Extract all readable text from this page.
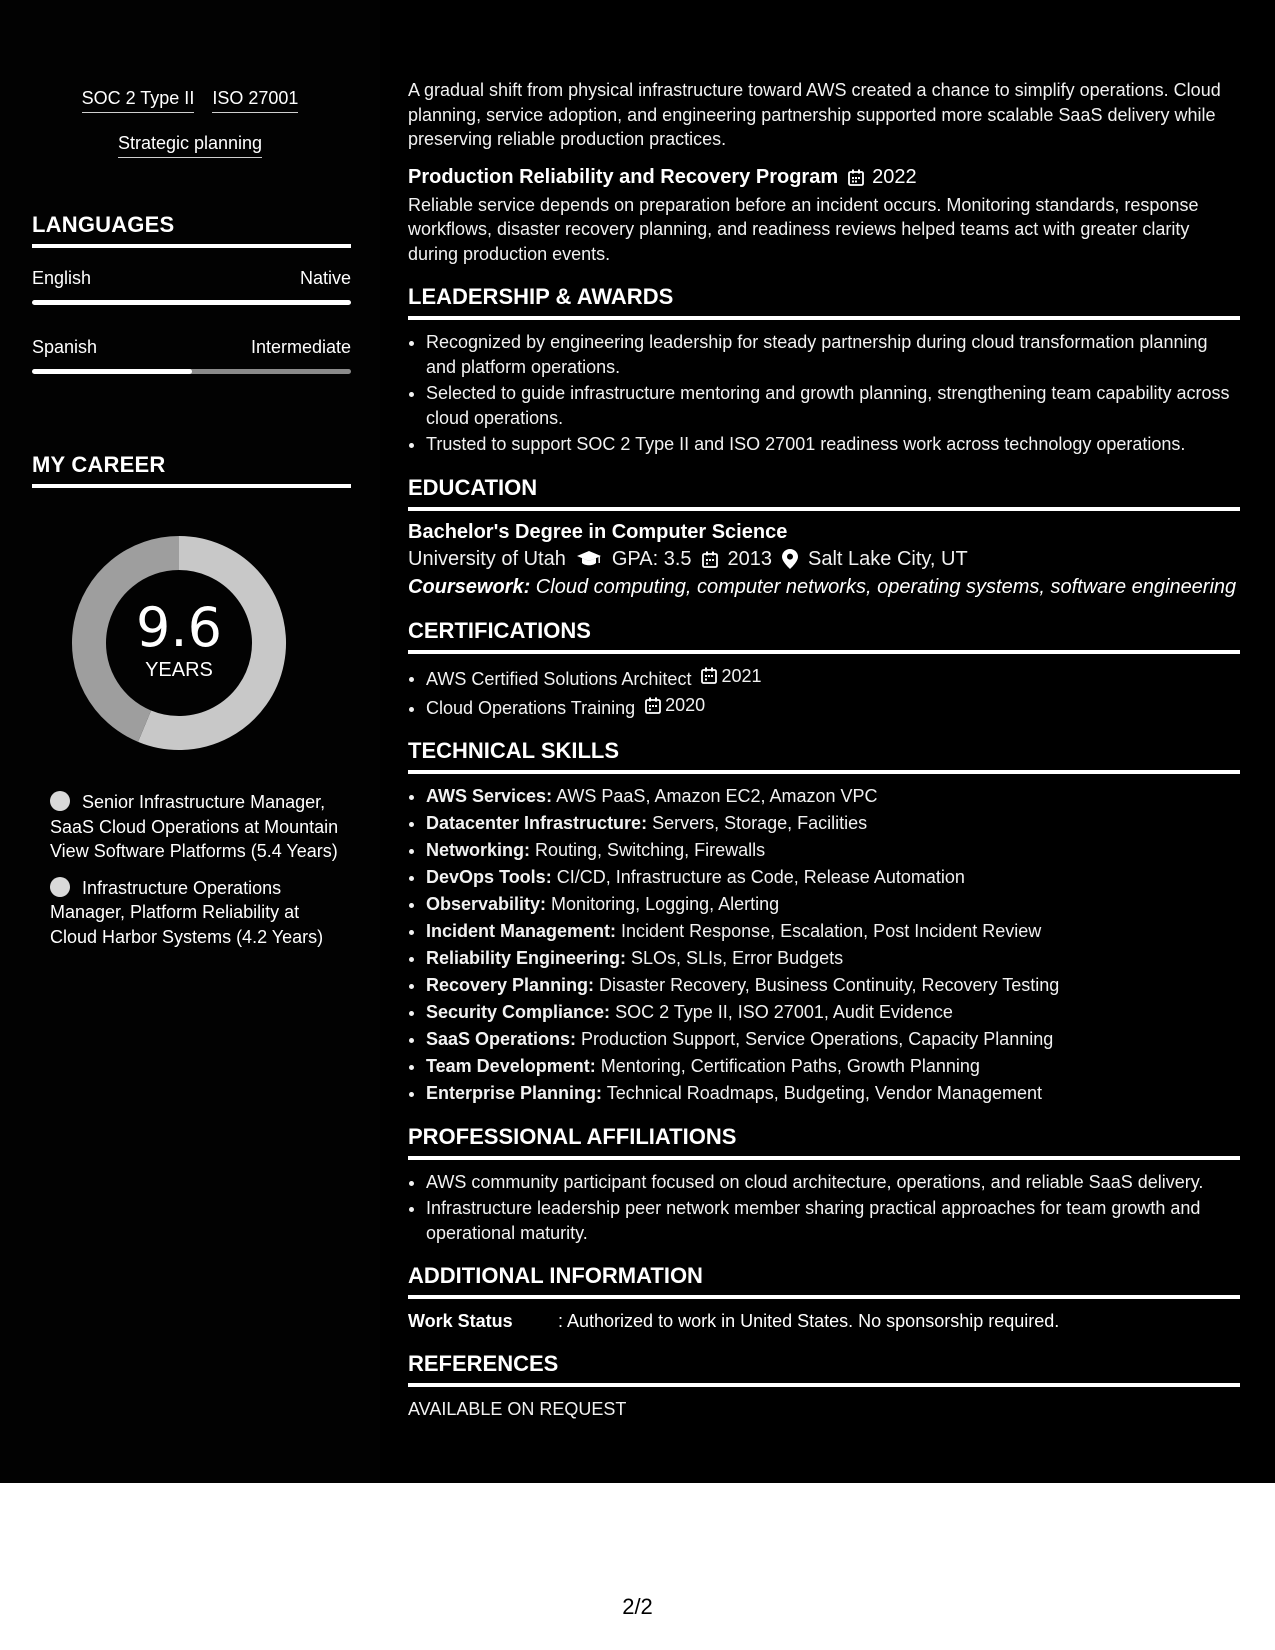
SOC 2 Type II ISO 27001
Strategic planning
LANGUAGES
English	Native
Spanish	Intermediate
MY CAREER
9.6
YEARS
Senior Infrastructure Manager, SaaS Cloud Operations at Mountain View Software Platforms (5.4 Years)
Infrastructure Operations Manager, Platform Reliability at Cloud Harbor Systems (4.2 Years)

A gradual shift from physical infrastructure toward AWS created a chance to simplify operations. Cloud planning, service adoption, and engineering partnership supported more scalable SaaS delivery while preserving reliable production practices.

Production Reliability and Recovery Program 2022

Reliable service depends on preparation before an incident occurs. Monitoring standards, response workflows, disaster recovery planning, and readiness reviews helped teams act with greater clarity during production events.

LEADERSHIP & AWARDS
• Recognized by engineering leadership for steady partnership during cloud transformation planning and platform operations.
• Selected to guide infrastructure mentoring and growth planning, strengthening team capability across cloud operations.
• Trusted to support SOC 2 Type II and ISO 27001 readiness work across technology operations.
EDUCATION
Bachelor's Degree in Computer Science
University of Utah GPA: 3.5 2013 Salt Lake City, UT
Coursework: Cloud computing, computer networks, operating systems, software engineering
CERTIFICATIONS
• AWS Certified Solutions Architect 2021
• Cloud Operations Training 2020
TECHNICAL SKILLS
• AWS Services: AWS PaaS, Amazon EC2, Amazon VPC
• Datacenter Infrastructure: Servers, Storage, Facilities
• Networking: Routing, Switching, Firewalls
• DevOps Tools: CI/CD, Infrastructure as Code, Release Automation
• Observability: Monitoring, Logging, Alerting
• Incident Management: Incident Response, Escalation, Post Incident Review
• Reliability Engineering: SLOs, SLIs, Error Budgets
• Recovery Planning: Disaster Recovery, Business Continuity, Recovery Testing
• Security Compliance: SOC 2 Type II, ISO 27001, Audit Evidence
• SaaS Operations: Production Support, Service Operations, Capacity Planning
• Team Development: Mentoring, Certification Paths, Growth Planning
• Enterprise Planning: Technical Roadmaps, Budgeting, Vendor Management
PROFESSIONAL AFFILIATIONS
• AWS community participant focused on cloud architecture, operations, and reliable SaaS delivery.
• Infrastructure leadership peer network member sharing practical approaches for team growth and operational maturity.
ADDITIONAL INFORMATION
Work Status	: Authorized to work in United States. No sponsorship required.
REFERENCES
AVAILABLE ON REQUEST
2/2
